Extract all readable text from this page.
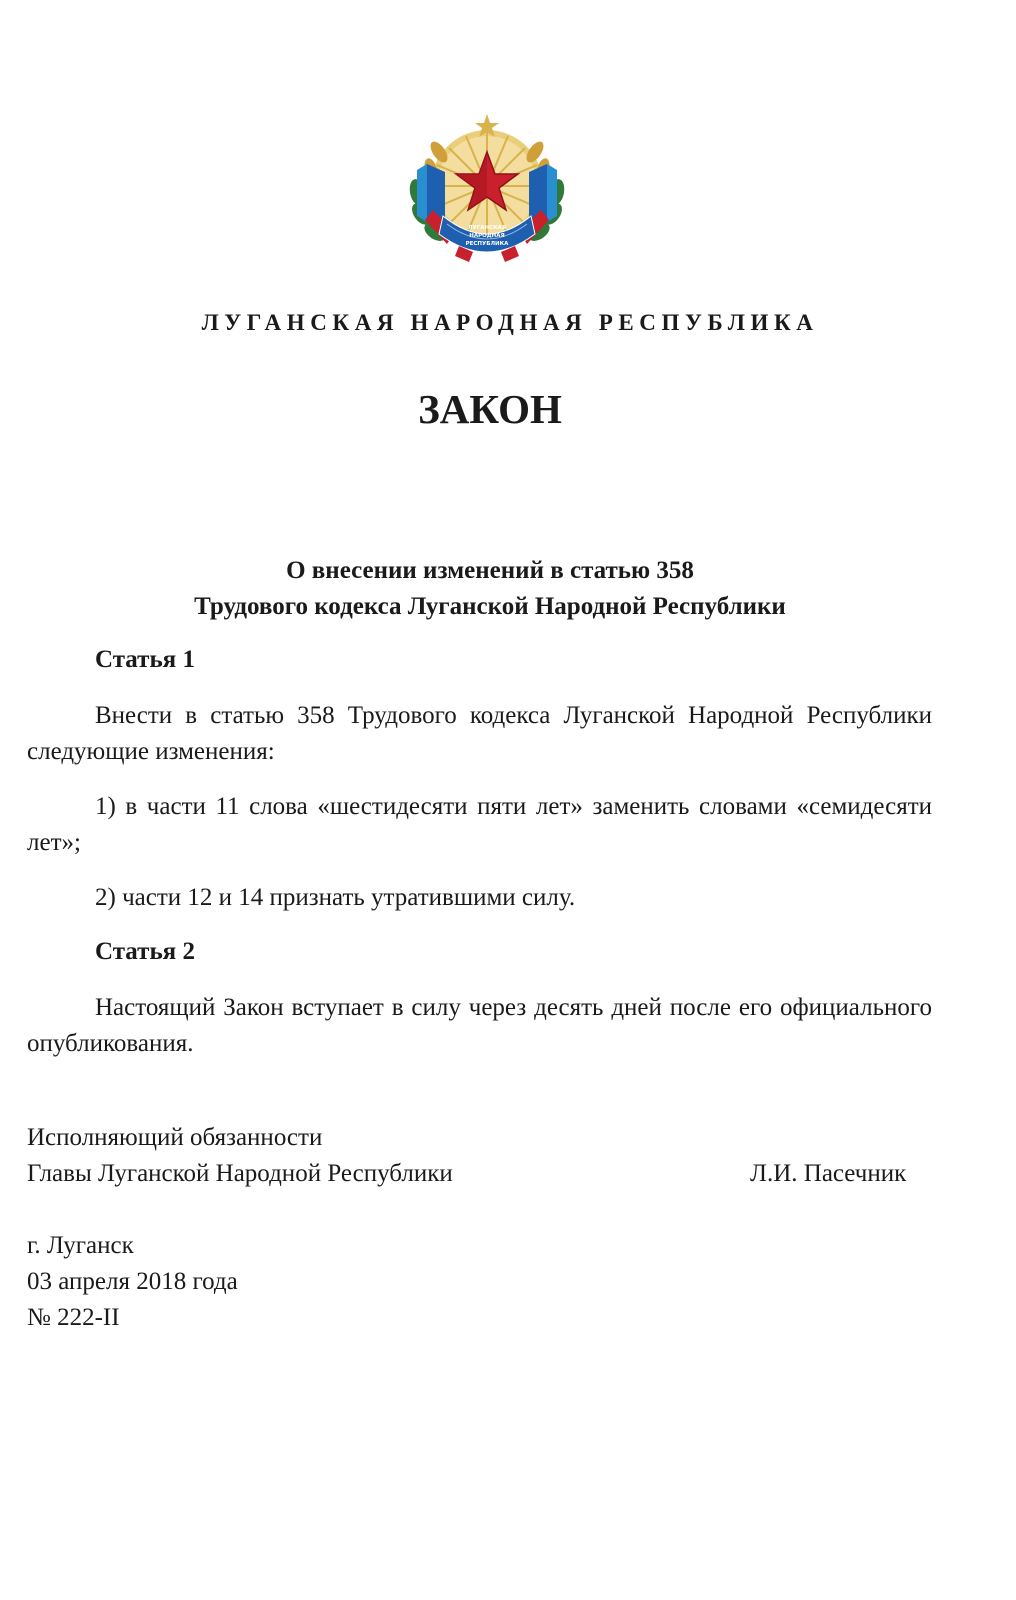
ЛУГАНСКАЯ
НАРОДНАЯ
РЕСПУБЛИКА
ЛУГАНСКАЯ НАРОДНАЯ РЕСПУБЛИКА
ЗАКОН
О внесении изменений в статью 358
Трудового кодекса Луганской Народной Республики
Статья 1
Внести в статью 358 Трудового кодекса Луганской Народной Республики следующие изменения:
1) в части 11 слова «шестидесяти пяти лет» заменить словами «семидесяти лет»;
2) части 12 и 14 признать утратившими силу.
Статья 2
Настоящий Закон вступает в силу через десять дней после его официального опубликования.
Исполняющий обязанности
Главы Луганской Народной Республики	Л.И. Пасечник
г. Луганск
03 апреля 2018 года
№ 222-II
